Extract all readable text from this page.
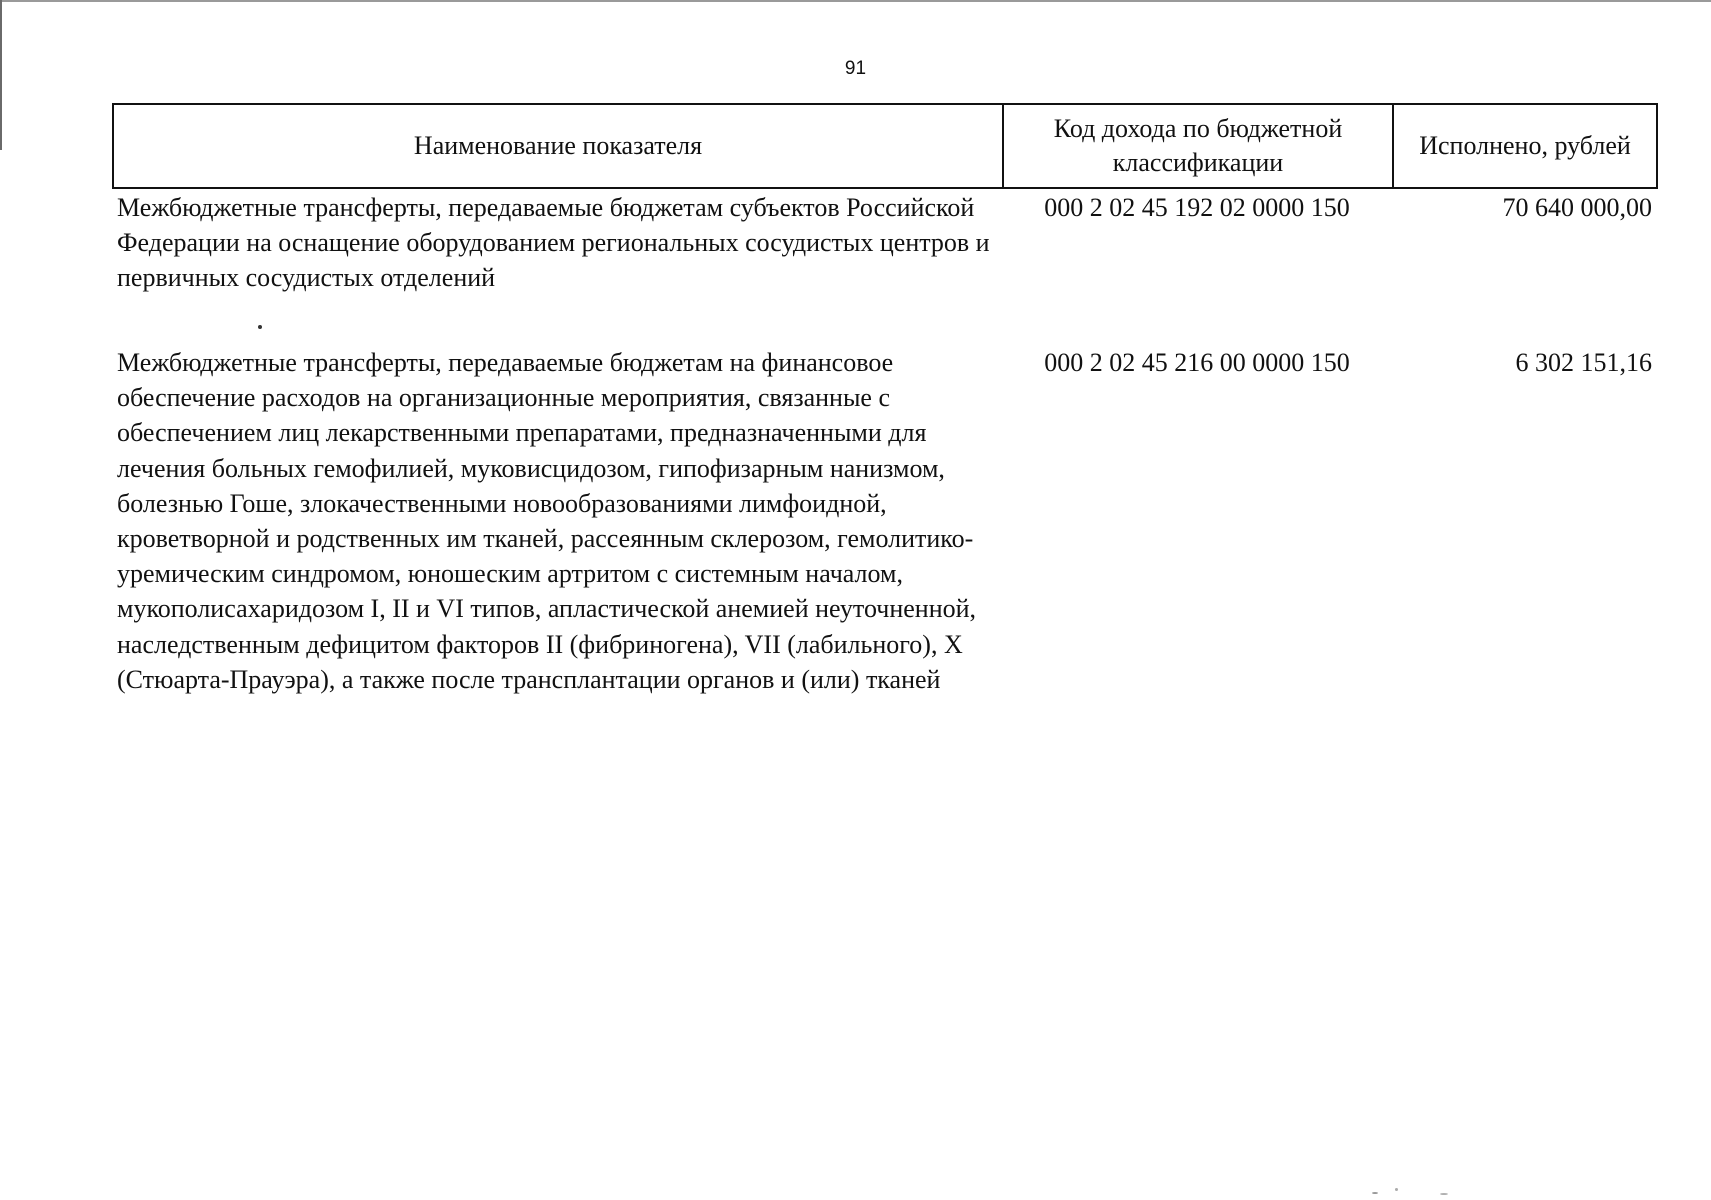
91
Наименование показателя
Код дохода по бюджетной классификации
Исполнено, рублей
Межбюджетные трансферты, передаваемые бюджетам субъектов Российской Федерации на оснащение оборудованием региональных сосудистых центров и первичных сосудистых отделений
000 2 02 45 192 02 0000 150	70 640 000,00
Межбюджетные трансферты, передаваемые бюджетам на финансовое обеспечение расходов на организационные мероприятия, связанные с обеспечением лиц лекарственными препаратами, предназначенными для лечения больных гемофилией, муковисцидозом, гипофизарным нанизмом, болезнью Гоше, злокачественными новообразованиями лимфоидной, кроветворной и родственных им тканей, рассеянным склерозом, гемолитико-уремическим синдромом, юношеским артритом с системным началом, мукополисахаридозом I, II и VI типов, апластической анемией неуточненной, наследственным дефицитом факторов II (фибриногена), VII (лабильного), X (Стюарта-Прауэра), а также после трансплантации органов и (или) тканей
000 2 02 45 216 00 0000 150	6 302 151,16
